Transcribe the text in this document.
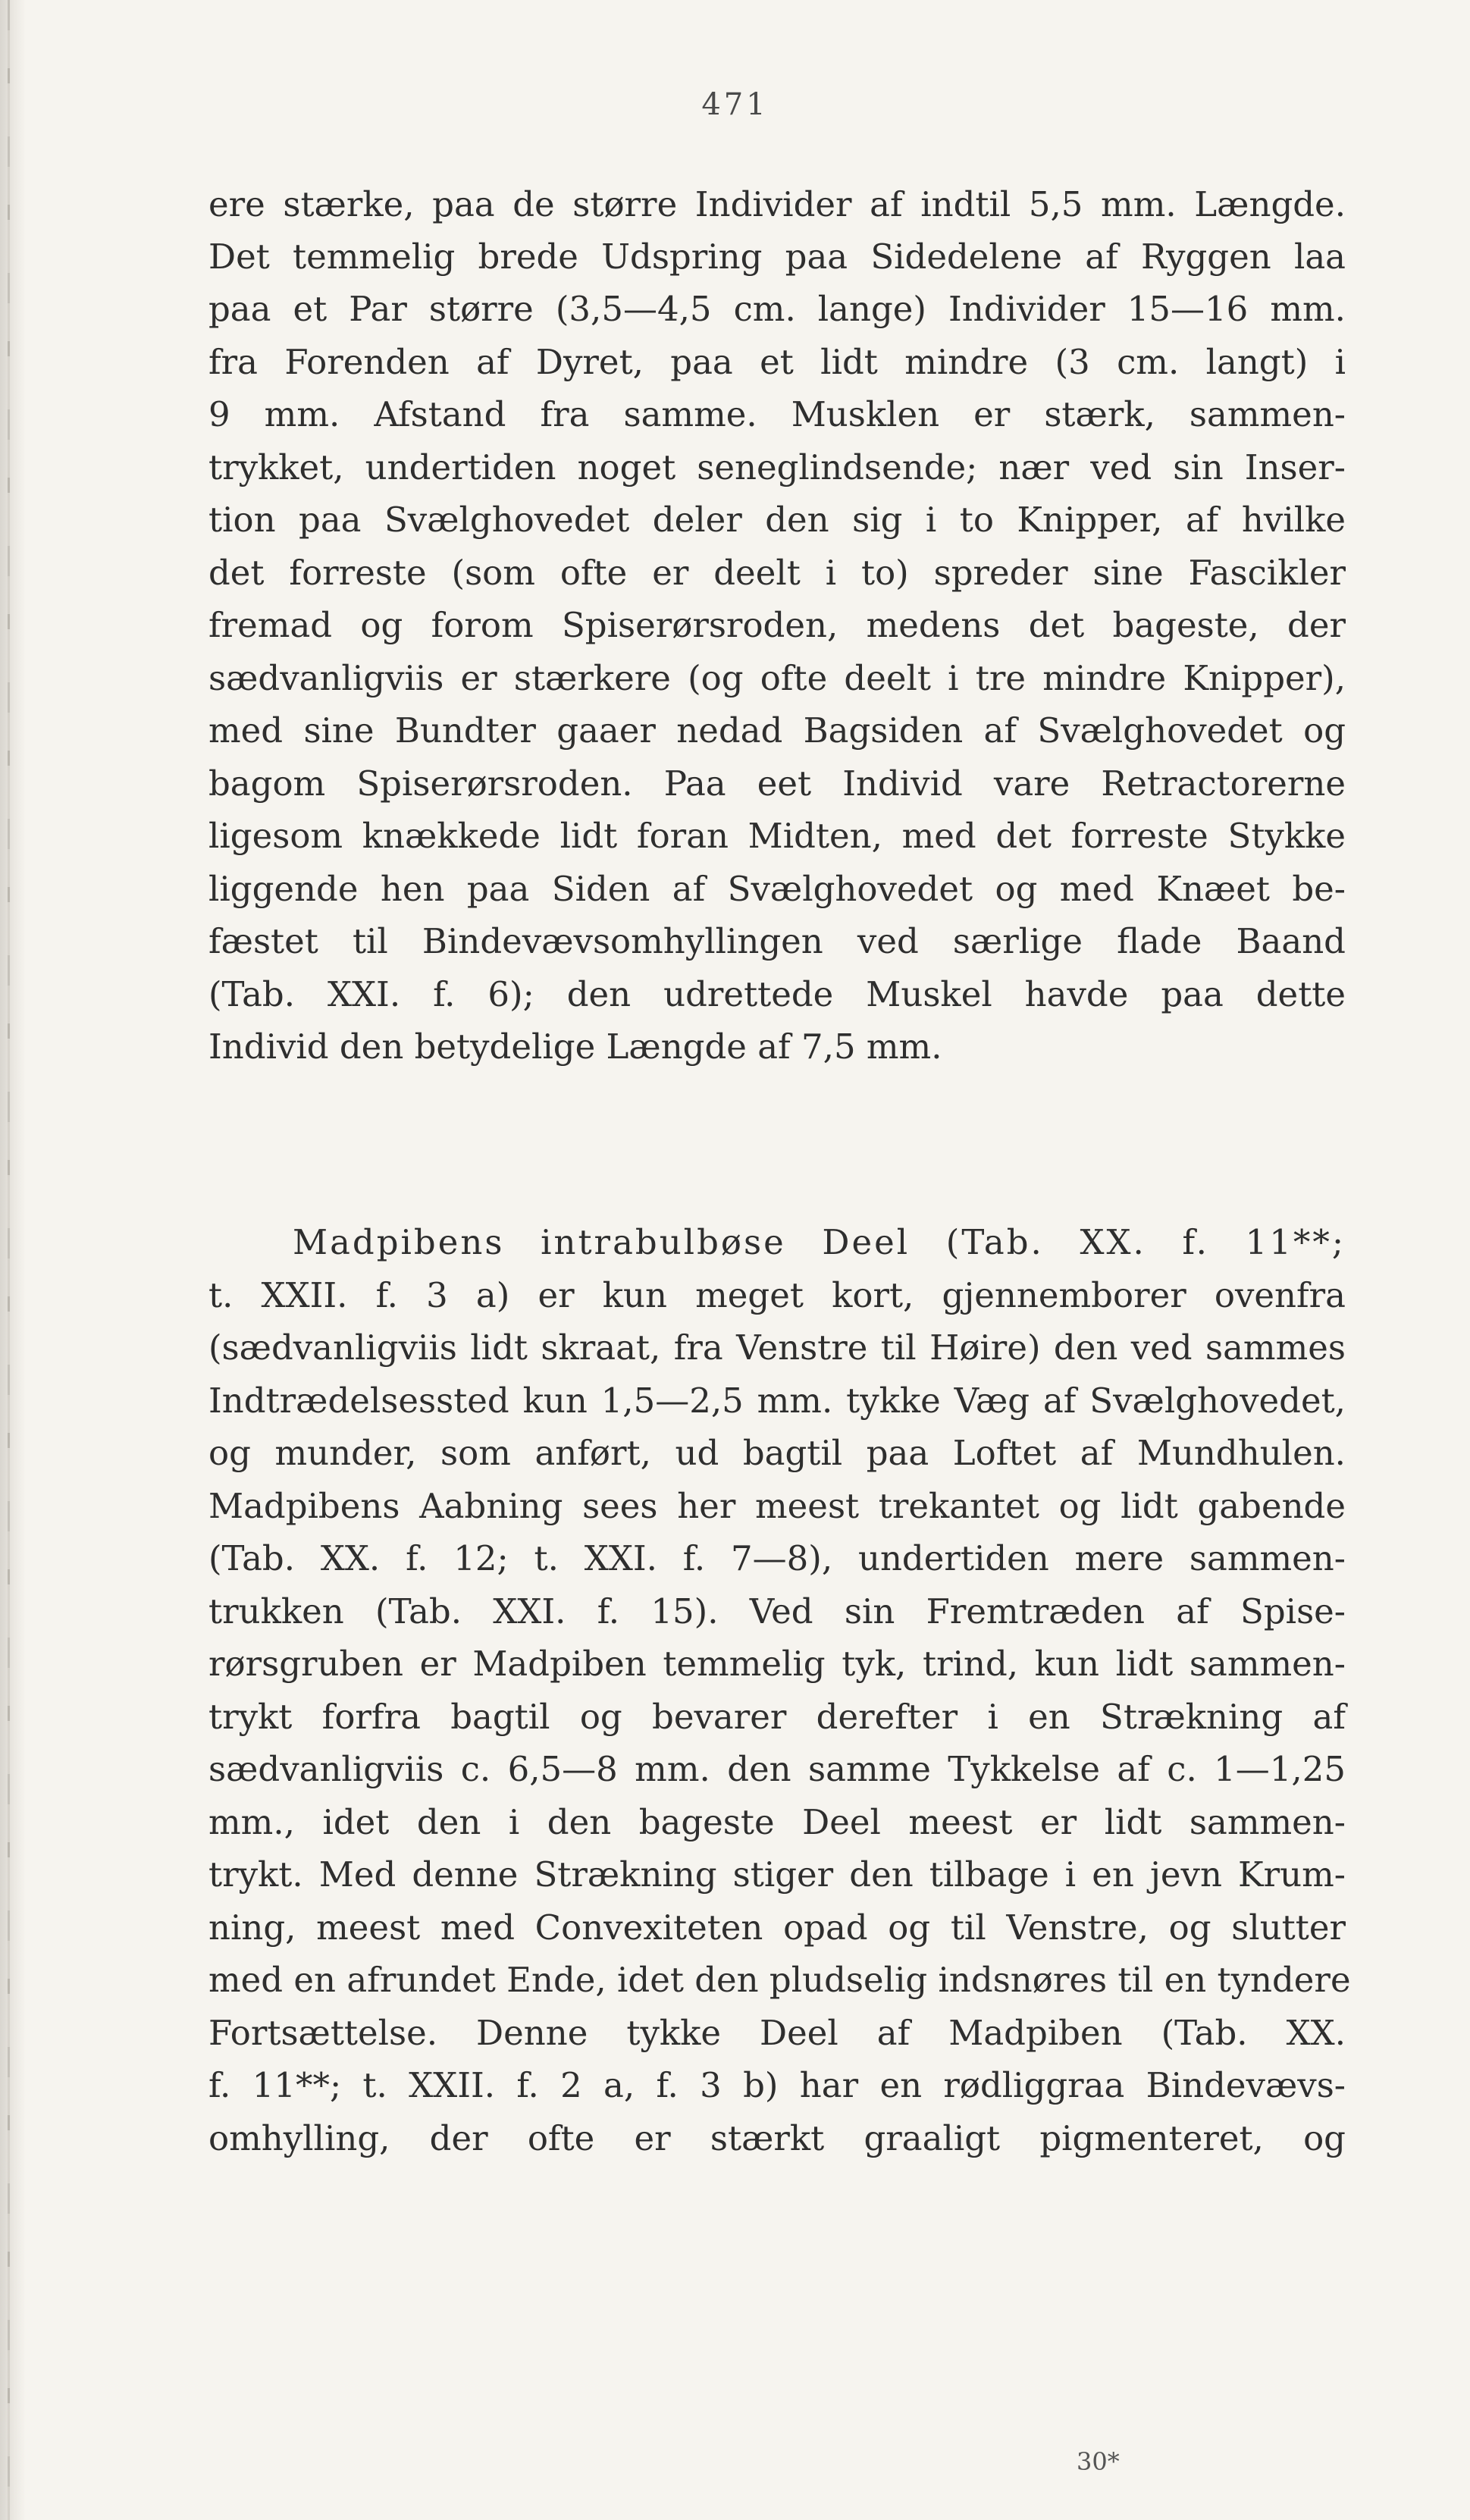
471
ere stærke, paa de større Individer af indtil 5,5 mm. Længde.
Det temmelig brede Udspring paa Sidedelene af Ryggen laa
paa et Par større (3,5—4,5 cm. lange) Individer 15—16 mm.
fra Forenden af Dyret, paa et lidt mindre (3 cm. langt) i
9 mm. Afstand fra samme. Musklen er stærk, sammen-
trykket, undertiden noget seneglindsende; nær ved sin Inser-
tion paa Svælghovedet deler den sig i to Knipper, af hvilke
det forreste (som ofte er deelt i to) spreder sine Fascikler
fremad og forom Spiserørsroden, medens det bageste, der
sædvanligviis er stærkere (og ofte deelt i tre mindre Knipper),
med sine Bundter gaaer nedad Bagsiden af Svælghovedet og
bagom Spiserørsroden. Paa eet Individ vare Retractorerne
ligesom knækkede lidt foran Midten, med det forreste Stykke
liggende hen paa Siden af Svælghovedet og med Knæet be-
fæstet til Bindevævsomhyllingen ved særlige flade Baand
(Tab. XXI. f. 6); den udrettede Muskel havde paa dette
Individ den betydelige Længde af 7,5 mm.
Madpibens intrabulbøse Deel (Tab. XX. f. 11**;
t. XXII. f. 3 a) er kun meget kort, gjennemborer ovenfra
(sædvanligviis lidt skraat, fra Venstre til Høire) den ved sammes
Indtrædelsessted kun 1,5—2,5 mm. tykke Væg af Svælghovedet,
og munder, som anført, ud bagtil paa Loftet af Mundhulen.
Madpibens Aabning sees her meest trekantet og lidt gabende
(Tab. XX. f. 12; t. XXI. f. 7—8), undertiden mere sammen-
trukken (Tab. XXI. f. 15). Ved sin Fremtræden af Spise-
rørsgruben er Madpiben temmelig tyk, trind, kun lidt sammen-
trykt forfra bagtil og bevarer derefter i en Strækning af
sædvanligviis c. 6,5—8 mm. den samme Tykkelse af c. 1—1,25
mm., idet den i den bageste Deel meest er lidt sammen-
trykt. Med denne Strækning stiger den tilbage i en jevn Krum-
ning, meest med Convexiteten opad og til Venstre, og slutter
med en afrundet Ende, idet den pludselig indsnøres til en tyndere
Fortsættelse. Denne tykke Deel af Madpiben (Tab. XX.
f. 11**; t. XXII. f. 2 a, f. 3 b) har en rødliggraa Bindevævs-
omhylling, der ofte er stærkt graaligt pigmenteret, og
30*
